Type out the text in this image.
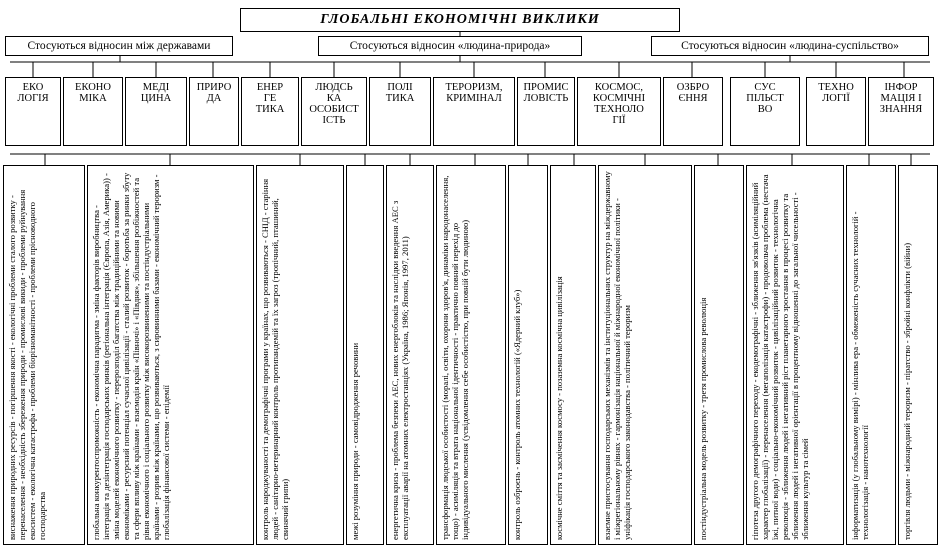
ГЛОБАЛЬНІ ЕКОНОМІЧНІ ВИКЛИКИ
Стосуються відносин між державами	Стосуються відносин «людина-природа»	Стосуються відносин «людина-суспільство»
ЕКО
ЛОГІЯ
ЕКОНО
МІКА
МЕДІ
ЦИНА
ПРИРО
ДА
ЕНЕР
ГЕ
ТИКА
ЛЮДСЬ
КА
ОСОБИСТ
ІСТЬ
ПОЛІ
ТИКА
ТЕРОРИЗМ,
КРИМІНАЛ
ПРОМИС
ЛОВІСТЬ
КОСМОС,
КОСМІЧНІ
ТЕХНОЛО
ГІЇ
ОЗБРО
ЄННЯ
СУС
ПІЛЬСТ
ВО
ТЕХНО
ЛОГІЇ
ІНФОР
МАЦІЯ І
ЗНАННЯ
виснаження природних ресурсів - погіршення якості - екологічні проблеми сталого розвитку - перенаселення - необхідність збереження природи - промислові викиди - проблеми руйнування екосистем - екологічна катастрофа - проблеми біорізноманітності - проблеми прісноводного господарства	глобальна конкурентоспроможність - економічна парадигма - зміна факторів виробництва - інтеграція та дезінтеграція господарських ринків (регіональна інтеграція (Європа, Азія, Америка)) - зміна моделей економічного розвитку - перерозподіл багатства між традиційними та новими економіками - ресурсний потенціал сучасної цивілізації - сталий розвиток - боротьба за ринки збуту та сфери впливу між країнами - взаємодія країн «Півночі» і «Півдня», збільшення розбіжностей та рівня економічного і соціального розвитку між високорозвиненими та постіндустріальними країнами - розрив між країнами, що розвиваються, з сировинними базами - економічний тероризм - глобалізація фінансової системи - епідемії	контроль народжуваності та демографічні програми у країнах, що розвиваються - СНІД - старіння людей - санітарно-ветеринарний контроль протипандемій та їх загроз (тропічний, пташиний, свинячий грипи)	межі розуміння природи - самовідродження речовини	енергетична криза - проблема безпеки АЕС, нових енергоблоків та наслідки введення АЕС з експлуатації аварії на атомних електростанціях (Україна, 1986; Японія, 1997, 2011)	трансформація людської особистості (моралі, освіти, охорони здоров'я, динаміки народонаселення, тощо) - асиміляція та втрата національної ідентичності - практично повний перехід до індивідуального мислення (усвідомлення себе особистістю, при повній бути людиною)	контроль озброєнь - контроль атомних технологій («Ядерний клуб»)	космічне сміття та засмічення космосу - позаземна космічна цивілізація	взаємне пристосування господарських механізмів та інституціональних структур на міждержавному і міжрегіональному рівнях - гармонізація національної й міжнародної економічної політики - уніфікація господарського законодавства - політичний тероризм	постіндустріальна модель розвитку - третя промислова революція	гіпотеза другого демографічного переходу - екодемографічні - зближення зв'язків (асиміляційний характер глобалізації) - перенаселення (мегаполізація катастрофи) - продовольча проблема (нестача їжі, питної води) - соціально-економічний розвиток - цивілізаційний розвиток - технологічна революція - зближення людей і негативний ріст планетарного зростання в процесі розвитку та зближення людей і негативної орієнтації в процентному відношенні до загальної чисельності - зближення культур та сімей	інформатизація (у глобальному вимірі) - мінлива ера - обмеженість сучасних технологій - технологізація - нанотехнології	торгівля людьми - міжнародний тероризм - піратство - збройні конфлікти (війни)
